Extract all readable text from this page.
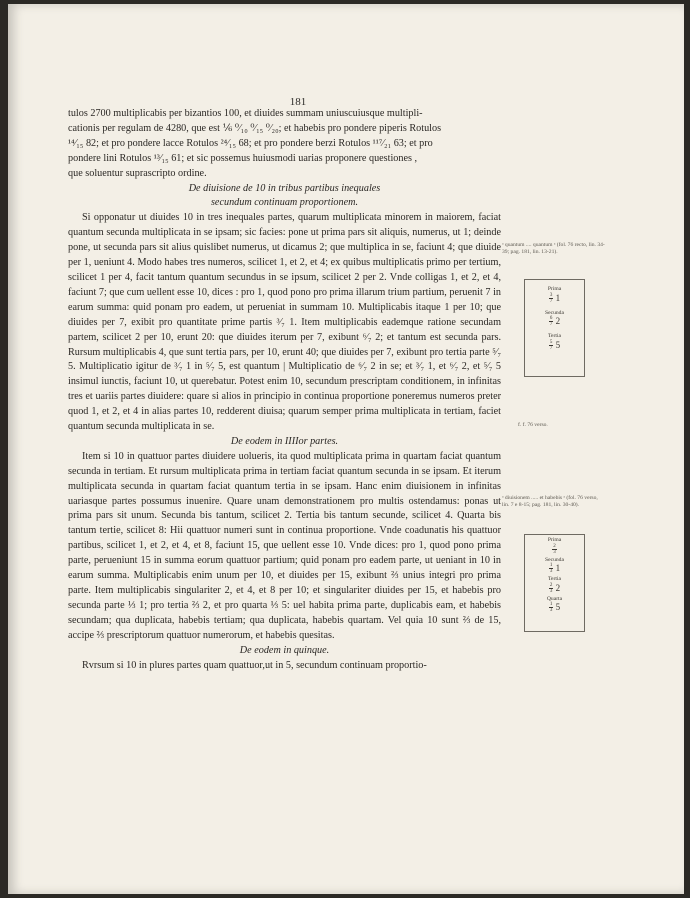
181

tulos 2700 multiplicabis per bizantios 100, et diuides summam uniuscuiusque multipli-

cationis per regulam de 4280, que est ⅙ ⁰⁄₁₀ ⁰⁄₁₅ ⁰⁄₂₀; et habebis pro pondere piperis Rotulos

¹⁴⁄₁₅ 82; et pro pondere lacce Rotulos ²⁴⁄₁₅ 68; et pro pondere berzi Rotulos ¹¹⁷⁄₂₁ 63; et pro

pondere lini Rotulos ¹³⁄₁₅ 61; et sic possemus huiusmodi uarias proponere questiones ,

que soluentur suprascripto ordine.

De diuisione de 10 in tribus partibus inequales

secundum continuam proportionem.

Si opponatur ut diuides 10 in tres inequales partes, quarum multiplicata minorem in maiorem, faciat quantum secunda multiplicata in se ipsam; sic facies: pone ut prima pars sit aliquis, numerus, ut 1; deinde pone, ut secunda pars sit alius quislibet numerus, ut dicamus 2; que multiplica in se, faciunt 4; que diuide per 1, ueniunt 4. Modo habes tres numeros, scilicet 1, et 2, et 4; ex quibus multiplicatis primo per tertium, scilicet 1 per 4, facit tantum quantum secundus in se ipsum, scilicet 2 per 2. Vnde colligas 1, et 2, et 4, faciunt 7; que cum uellent esse 10, dices : pro 1, quod pono pro prima illarum trium partium, peruenit 7 in earum summa: quid ponam pro eadem, ut perueniat in summam 10. Multiplicabis itaque 1 per 10; que diuides per 7, exibit pro quantitate prime partis ³⁄₇ 1. Item multiplicabis eademque ratione secundam partem, scilicet 2 per 10, erunt 20: que diuides iterum per 7, exibunt ⁶⁄₇ 2; et tantum est secunda pars. Rursum multiplicabis 4, que sunt tertia pars, per 10, erunt 40; que diuides per 7, exibunt pro tertia parte ⁵⁄₇ 5. Multiplicatio igitur de ³⁄₇ 1 in ⁵⁄₇ 5, est quantum | Multiplicatio de ⁶⁄₇ 2 in se; et ³⁄₇ 1, et ⁶⁄₇ 2, et ⁵⁄₇ 5 insimul iunctis, faciunt 10, ut querebatur. Potest enim 10, secundum prescriptam conditionem, in infinitas tres et uariis partes diuidere: quare si alios in principio in continua proportione poneremus numeros preter quod 1, et 2, et 4 in alias partes 10, redderent diuisa; quarum semper prima multiplicata in tertiam, faciet quantum secunda multiplicata in se.

De eodem in IIIIor partes.

Item si 10 in quattuor partes diuidere uolueris, ita quod multiplicata prima in quartam faciat quantum secunda in tertiam. Et rursum multiplicata prima in tertiam faciat quantum secunda in se ipsam. Et iterum multiplicata secunda in quartam faciat quantum tertia in se ipsam. Hanc enim diuisionem in infinitas uariasque partes possumus inuenire. Quare unam demonstrationem pro multis ostendamus: ponas ut prima pars sit unum. Secunda bis tantum, scilicet 2. Tertia bis tantum secunde, scilicet 4. Quarta bis tantum tertie, scilicet 8: Hii quattuor numeri sunt in continua proportione. Vnde coadunatis his quattuor partibus, scilicet 1, et 2, et 4, et 8, faciunt 15, que uellent esse 10. Vnde dices: pro 1, quod pono prima parte, perueniunt 15 in summa eorum quattuor partium; quid ponam pro eadem parte, ut ueniant in 10 in earum summa. Multiplicabis enim unum per 10, et diuides per 15, exibunt ⅔ unius integri pro prima parte. Item multiplicabis singulariter 2, et 4, et 8 per 10; et singulariter diuides per 15, et habebis pro secunda parte ⅓ 1; pro tertia ⅔ 2, et pro quarta ⅓ 5: uel habita prima parte, duplicabis eam, et habebis secundam; qua duplicata, habebis tertiam; qua duplicata, habebis quartam. Vel quia 10 sunt ⅔ de 15, accipe ⅔ prescriptorum quattuor numerorum, et habebis quesitas.

De eodem in quinque.

Rvrsum si 10 in plures partes quam quattuor,ut in 5, secundum continuam proportio-

ᵃ quantum .... quantum ᵃ (fol. 76 recto, lin. 34-39; pag. 181, lin. 13-21).
Prima
$\frac{3}{7} 1$
Secunda
$\frac{6}{7} 2$
Tertia
$\frac{5}{7} 5$
f. f. 76 verso.
ᵃ diuisionem ..... et habebis ᵃ (fol. 76 verso, lin. 7 e 8-15; pag. 181, lin. 30-40).
Prima
$\frac{2}{3}$
Secunda
$\frac{1}{3} 1$
Tertia
$\frac{2}{3} 2$
Quarta
$\frac{1}{3} 5$
